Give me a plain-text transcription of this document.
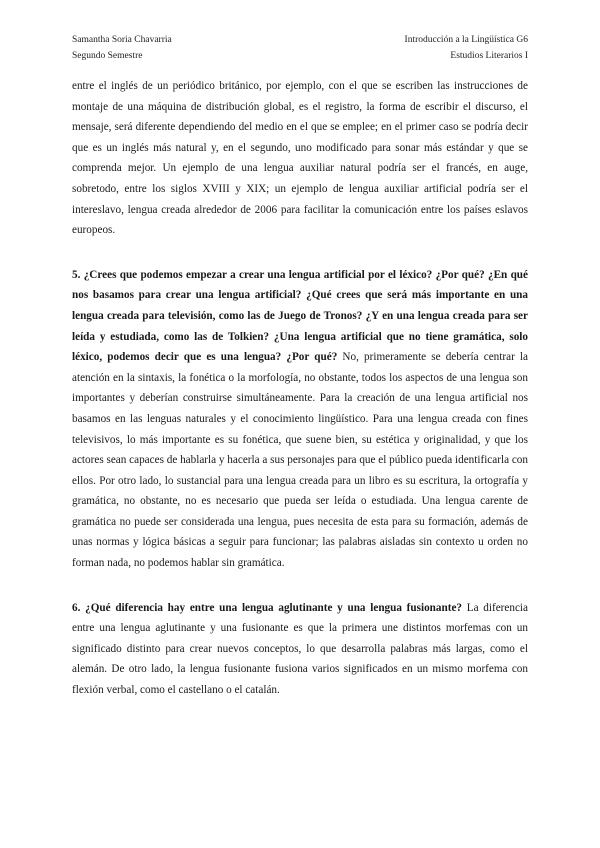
Samantha Soria Chavarria
Segundo Semestre
Introducción a la Lingüística G6
Estudios Literarios I

entre el inglés de un periódico británico, por ejemplo, con el que se escriben las instrucciones de montaje de una máquina de distribución global, es el registro, la forma de escribir el discurso, el mensaje, será diferente dependiendo del medio en el que se emplee; en el primer caso se podría decir que es un inglés más natural y, en el segundo, uno modificado para sonar más estándar y que se comprenda mejor. Un ejemplo de una lengua auxiliar natural podría ser el francés, en auge, sobretodo, entre los siglos XVIII y XIX; un ejemplo de lengua auxiliar artificial podría ser el intereslavo, lengua creada alrededor de 2006 para facilitar la comunicación entre los países eslavos europeos.

5. ¿Crees que podemos empezar a crear una lengua artificial por el léxico? ¿Por qué? ¿En qué nos basamos para crear una lengua artificial? ¿Qué crees que será más importante en una lengua creada para televisión, como las de Juego de Tronos? ¿Y en una lengua creada para ser leída y estudiada, como las de Tolkien? ¿Una lengua artificial que no tiene gramática, solo léxico, podemos decir que es una lengua? ¿Por qué? No, primeramente se debería centrar la atención en la sintaxis, la fonética o la morfología, no obstante, todos los aspectos de una lengua son importantes y deberían construirse simultáneamente. Para la creación de una lengua artificial nos basamos en las lenguas naturales y el conocimiento lingüístico. Para una lengua creada con fines televisivos, lo más importante es su fonética, que suene bien, su estética y originalidad, y que los actores sean capaces de hablarla y hacerla a sus personajes para que el público pueda identificarla con ellos. Por otro lado, lo sustancial para una lengua creada para un libro es su escritura, la ortografía y gramática, no obstante, no es necesario que pueda ser leída o estudiada. Una lengua carente de gramática no puede ser considerada una lengua, pues necesita de esta para su formación, además de unas normas y lógica básicas a seguir para funcionar; las palabras aisladas sin contexto u orden no forman nada, no podemos hablar sin gramática.

6. ¿Qué diferencia hay entre una lengua aglutinante y una lengua fusionante? La diferencia entre una lengua aglutinante y una fusionante es que la primera une distintos morfemas con un significado distinto para crear nuevos conceptos, lo que desarrolla palabras más largas, como el alemán. De otro lado, la lengua fusionante fusiona varios significados en un mismo morfema con flexión verbal, como el castellano o el catalán.
